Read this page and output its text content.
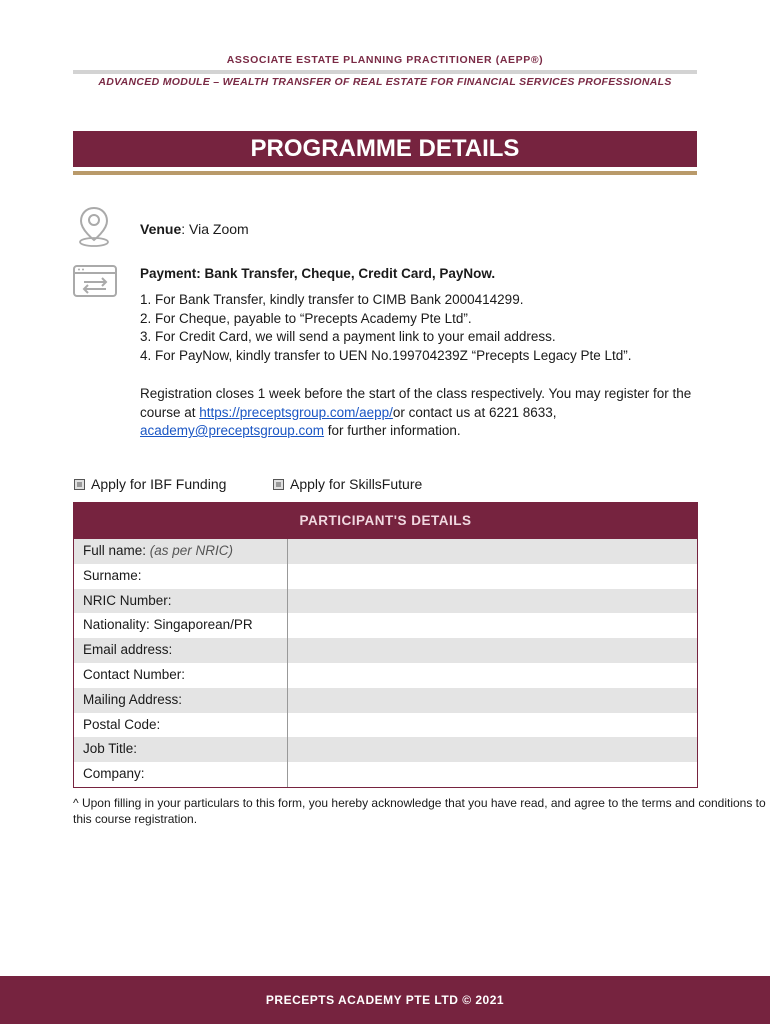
ASSOCIATE ESTATE PLANNING PRACTITIONER (AEPP®)
ADVANCED MODULE – WEALTH TRANSFER OF REAL ESTATE FOR FINANCIAL SERVICES PROFESSIONALS
PROGRAMME DETAILS
Venue: Via Zoom
Payment: Bank Transfer, Cheque, Credit Card, PayNow.
1. For Bank Transfer, kindly transfer to CIMB Bank 2000414299.
2. For Cheque, payable to “Precepts Academy Pte Ltd”.
3. For Credit Card, we will send a payment link to your email address.
4. For PayNow, kindly transfer to UEN No.199704239Z “Precepts Legacy Pte Ltd”.
Registration closes 1 week before the start of the class respectively. You may register for the course at https://preceptsgroup.com/aepp/or contact us at 6221 8633, academy@preceptsgroup.com for further information.
Apply for IBF Funding	Apply for SkillsFuture
PARTICIPANT'S DETAILS
Full name: (as per NRIC)
Surname:
NRIC Number:
Nationality: Singaporean/PR
Email address:
Contact Number:
Mailing Address:
Postal Code:
Job Title:
Company:
^ Upon filling in your particulars to this form, you hereby acknowledge that you have read, and agree to the terms and conditions to this course registration.
PRECEPTS ACADEMY PTE LTD © 2021
